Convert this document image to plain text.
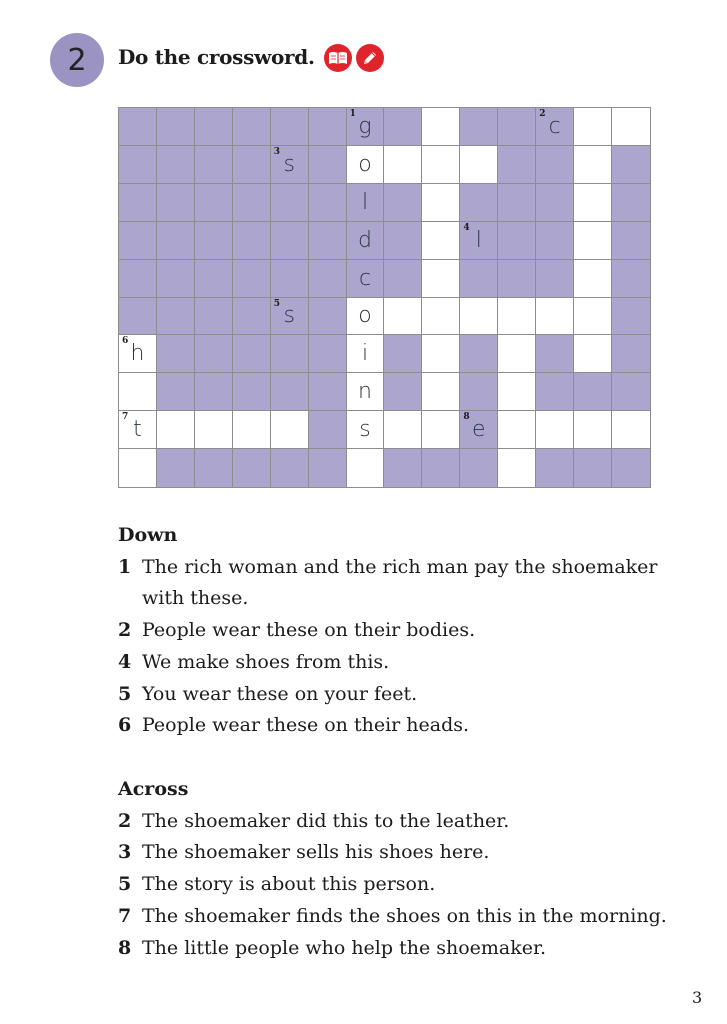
2 Do the crossword.
1 g	2 c
3 s	o
l
d	4 l
c
5 s	o
6 h	i
n
7 t	s	8 e
Down
1 The rich woman and the rich man pay the shoemaker with these.
2 People wear these on their bodies.
4 We make shoes from this.
5 You wear these on your feet.
6 People wear these on their heads.
Across
2 The shoemaker did this to the leather.
3 The shoemaker sells his shoes here.
5 The story is about this person.
7 The shoemaker finds the shoes on this in the morning.
8 The little people who help the shoemaker.
3
